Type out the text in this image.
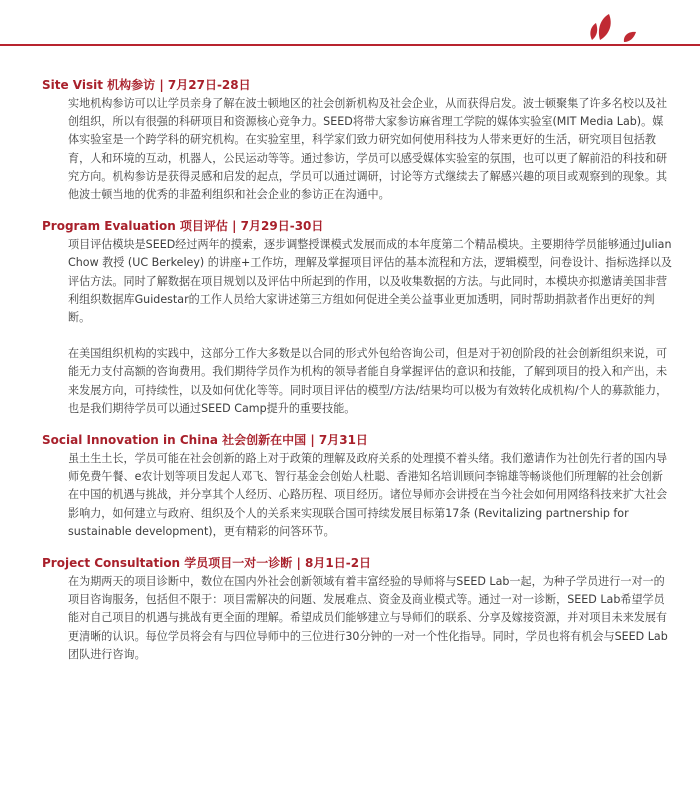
Site Visit 机构参访 | 7月27日-28日

实地机构参访可以让学员亲身了解在波士顿地区的社会创新机构及社会企业，从而获得启发。波士顿聚集了许多名校以及社创组织，所以有很强的科研项目和资源核心竞争力。SEED将带大家参访麻省理工学院的媒体实验室(MIT Media Lab)。媒体实验室是一个跨学科的研究机构。在实验室里，科学家们致力研究如何使用科技为人带来更好的生活，研究项目包括教育，人和环境的互动，机器人，公民运动等等。通过参访，学员可以感受媒体实验室的氛围，也可以更了解前沿的科技和研究方向。机构参访是获得灵感和启发的起点，学员可以通过调研，讨论等方式继续去了解感兴趣的项目或观察到的现象。其他波士顿当地的优秀的非盈利组织和社会企业的参访正在沟通中。

Program Evaluation 项目评估 | 7月29日-30日

项目评估模块是SEED经过两年的摸索，逐步调整授课模式发展而成的本年度第二个精品模块。主要期待学员能够通过Julian Chow 教授 (UC Berkeley) 的讲座+工作坊，理解及掌握项目评估的基本流程和方法，逻辑模型，问卷设计、指标选择以及评估方法。同时了解数据在项目规划以及评估中所起到的作用，以及收集数据的方法。与此同时，本模块亦拟邀请美国非营利组织数据库Guidestar的工作人员给大家讲述第三方组如何促进全美公益事业更加透明，同时帮助捐款者作出更好的判断。

在美国组织机构的实践中，这部分工作大多数是以合同的形式外包给咨询公司，但是对于初创阶段的社会创新组织来说，可能无力支付高额的咨询费用。我们期待学员作为机构的领导者能自身掌握评估的意识和技能，了解到项目的投入和产出，未来发展方向，可持续性，以及如何优化等等。同时项目评估的模型/方法/结果均可以极为有效转化成机构/个人的募款能力，也是我们期待学员可以通过SEED Camp提升的重要技能。

Social Innovation in China 社会创新在中国 | 7月31日

虽土生土长，学员可能在社会创新的路上对于政策的理解及政府关系的处理摸不着头绪。我们邀请作为社创先行者的国内导师免费午餐、e农计划等项目发起人邓飞、智行基金会创始人杜聪、香港知名培训顾问李锦雄等畅谈他们所理解的社会创新在中国的机遇与挑战，并分享其个人经历、心路历程、项目经历。诸位导师亦会讲授在当今社会如何用网络科技来扩大社会影响力，如何建立与政府、组织及个人的关系来实现联合国可持续发展目标第17条 (Revitalizing partnership for sustainable development)，更有精彩的问答环节。

Project Consultation 学员项目一对一诊断 | 8月1日-2日

在为期两天的项目诊断中，数位在国内外社会创新领域有着丰富经验的导师将与SEED Lab一起，为种子学员进行一对一的项目咨询服务，包括但不限于：项目需解决的问题、发展难点、资金及商业模式等。通过一对一诊断，SEED Lab希望学员能对自己项目的机遇与挑战有更全面的理解。希望成员们能够建立与导师们的联系、分享及嫁接资源，并对项目未来发展有更清晰的认识。每位学员将会有与四位导师中的三位进行30分钟的一对一个性化指导。同时，学员也将有机会与SEED Lab团队进行咨询。
